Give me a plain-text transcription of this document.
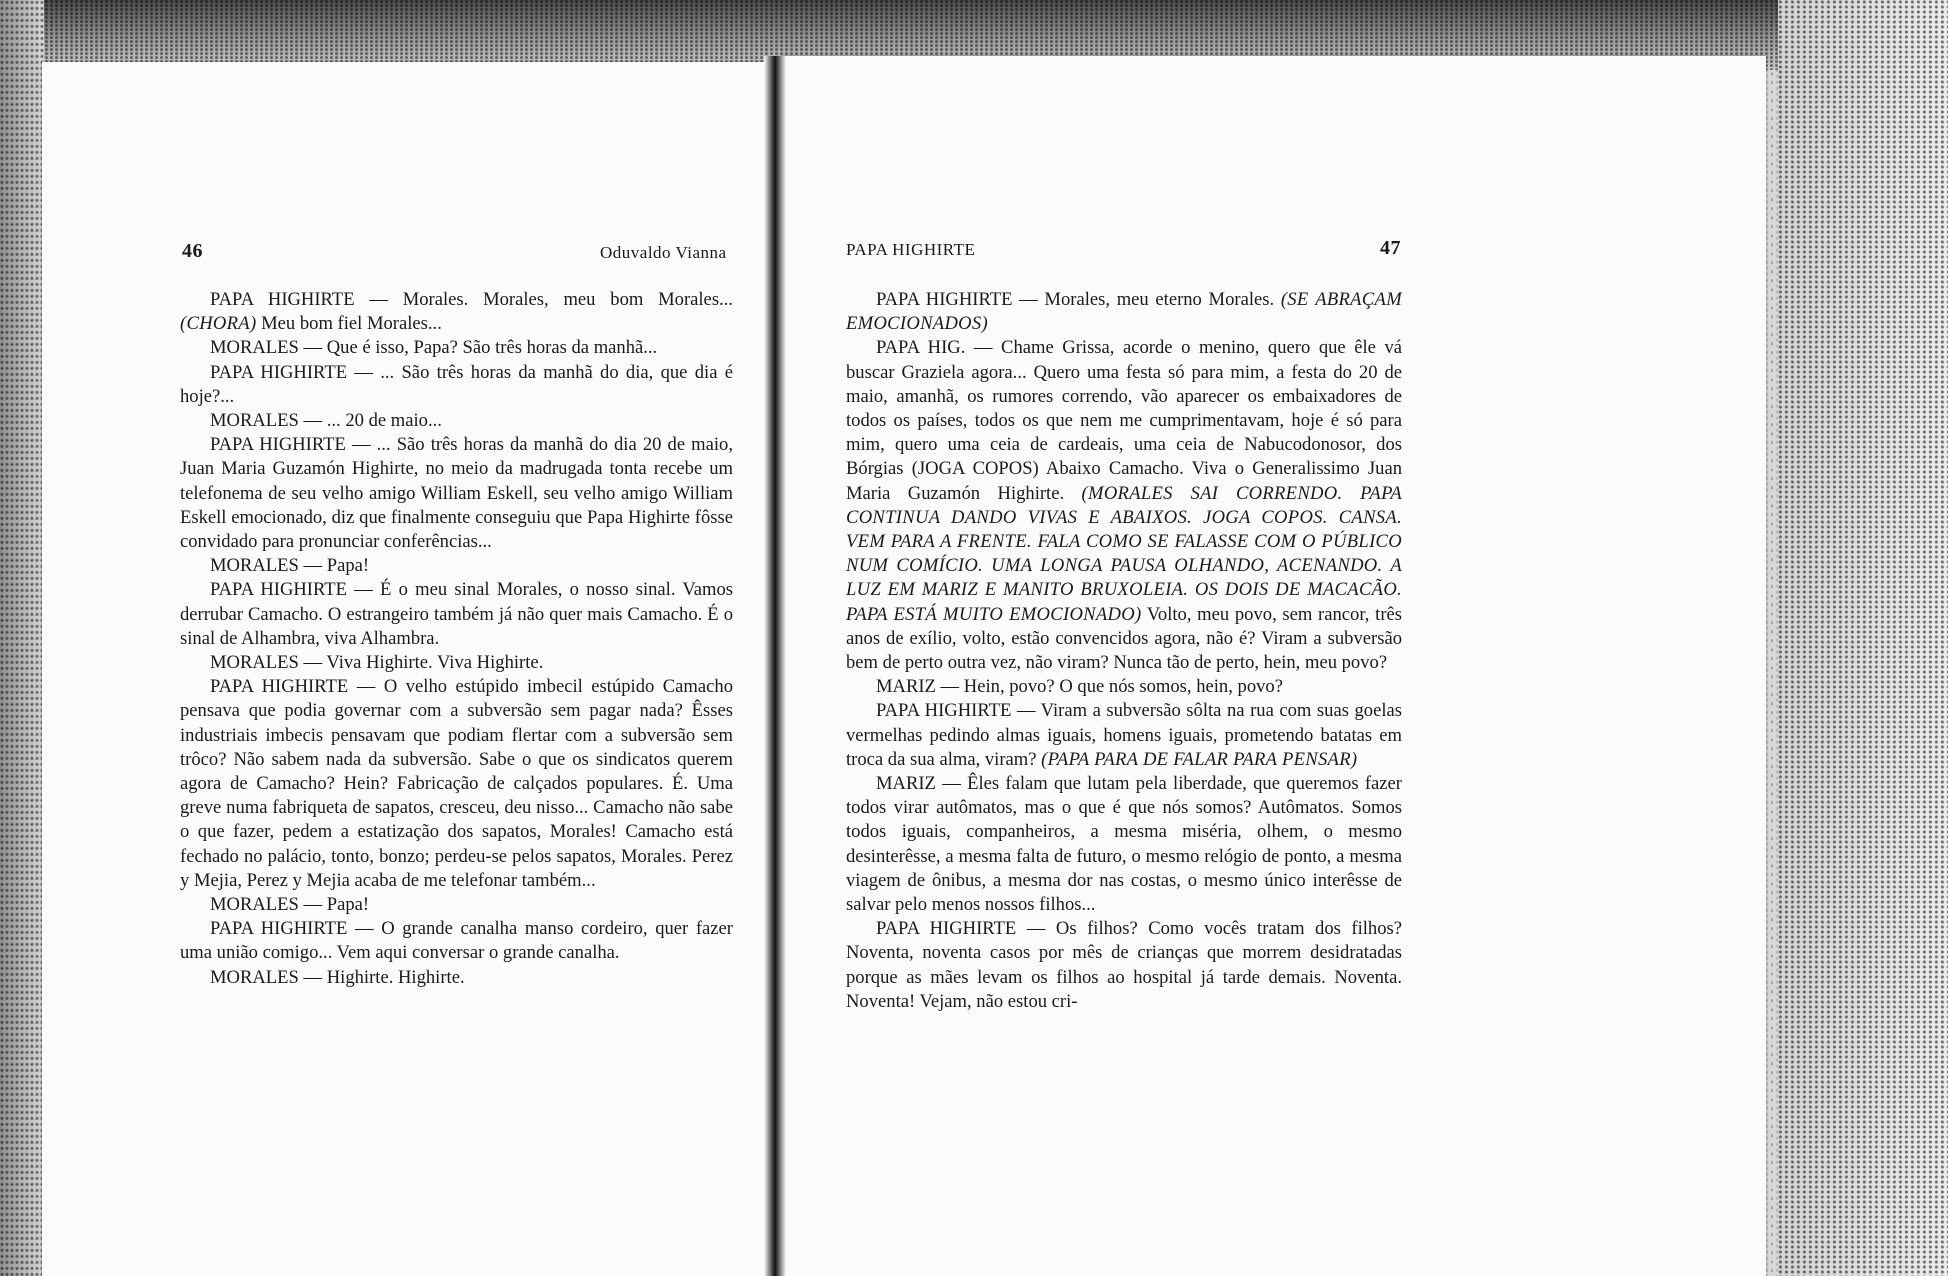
46	Oduvaldo Vianna	PAPA HIGHIRTE	47

PAPA HIGHIRTE — Morales. Morales, meu bom Morales... (CHORA) Meu bom fiel Morales...

MORALES — Que é isso, Papa? São três horas da manhã...

PAPA HIGHIRTE — ... São três horas da manhã do dia, que dia é hoje?...

MORALES — ... 20 de maio...

PAPA HIGHIRTE — ... São três horas da manhã do dia 20 de maio, Juan Maria Guzamón Highirte, no meio da madrugada tonta recebe um telefonema de seu velho amigo William Eskell, seu velho amigo William Eskell emocionado, diz que finalmente conseguiu que Papa Highirte fôsse convidado para pronunciar conferências...

MORALES — Papa!

PAPA HIGHIRTE — É o meu sinal Morales, o nosso sinal. Vamos derrubar Camacho. O estrangeiro também já não quer mais Camacho. É o sinal de Alhambra, viva Alhambra.

MORALES — Viva Highirte. Viva Highirte.

PAPA HIGHIRTE — O velho estúpido imbecil estúpido Camacho pensava que podia governar com a subversão sem pagar nada? Êsses industriais imbecis pensavam que podiam flertar com a subversão sem trôco? Não sabem nada da subversão. Sabe o que os sindicatos querem agora de Camacho? Hein? Fabricação de calçados populares. É. Uma greve numa fabriqueta de sapatos, cresceu, deu nisso... Camacho não sabe o que fazer, pedem a estatização dos sapatos, Morales! Camacho está fechado no palácio, tonto, bonzo; perdeu-se pelos sapatos, Morales. Perez y Mejia, Perez y Mejia acaba de me telefonar também...

MORALES — Papa!

PAPA HIGHIRTE — O grande canalha manso cordeiro, quer fazer uma união comigo... Vem aqui conversar o grande canalha.

MORALES — Highirte. Highirte.

PAPA HIGHIRTE — Morales, meu eterno Morales. (SE ABRAÇAM EMOCIONADOS)

PAPA HIG. — Chame Grissa, acorde o menino, quero que êle vá buscar Graziela agora... Quero uma festa só para mim, a festa do 20 de maio, amanhã, os rumores correndo, vão aparecer os embaixadores de todos os países, todos os que nem me cumprimentavam, hoje é só para mim, quero uma ceia de cardeais, uma ceia de Nabucodonosor, dos Bórgias (JOGA COPOS) Abaixo Camacho. Viva o Generalissimo Juan Maria Guzamón Highirte. (MORALES SAI CORRENDO. PAPA CONTINUA DANDO VIVAS E ABAIXOS. JOGA COPOS. CANSA. VEM PARA A FRENTE. FALA COMO SE FALASSE COM O PÚBLICO NUM COMÍCIO. UMA LONGA PAUSA OLHANDO, ACENANDO. A LUZ EM MARIZ E MANITO BRUXOLEIA. OS DOIS DE MACACÃO. PAPA ESTÁ MUITO EMOCIONADO) Volto, meu povo, sem rancor, três anos de exílio, volto, estão convencidos agora, não é? Viram a subversão bem de perto outra vez, não viram? Nunca tão de perto, hein, meu povo?

MARIZ — Hein, povo? O que nós somos, hein, povo?

PAPA HIGHIRTE — Viram a subversão sôlta na rua com suas goelas vermelhas pedindo almas iguais, homens iguais, prometendo batatas em troca da sua alma, viram? (PAPA PARA DE FALAR PARA PENSAR)

MARIZ — Êles falam que lutam pela liberdade, que queremos fazer todos virar autômatos, mas o que é que nós somos? Autômatos. Somos todos iguais, companheiros, a mesma miséria, olhem, o mesmo desinterêsse, a mesma falta de futuro, o mesmo relógio de ponto, a mesma viagem de ônibus, a mesma dor nas costas, o mesmo único interêsse de salvar pelo menos nossos filhos...

PAPA HIGHIRTE — Os filhos? Como vocês tratam dos filhos? Noventa, noventa casos por mês de crianças que morrem desidratadas porque as mães levam os filhos ao hospital já tarde demais. Noventa. Noventa! Vejam, não estou cri-
